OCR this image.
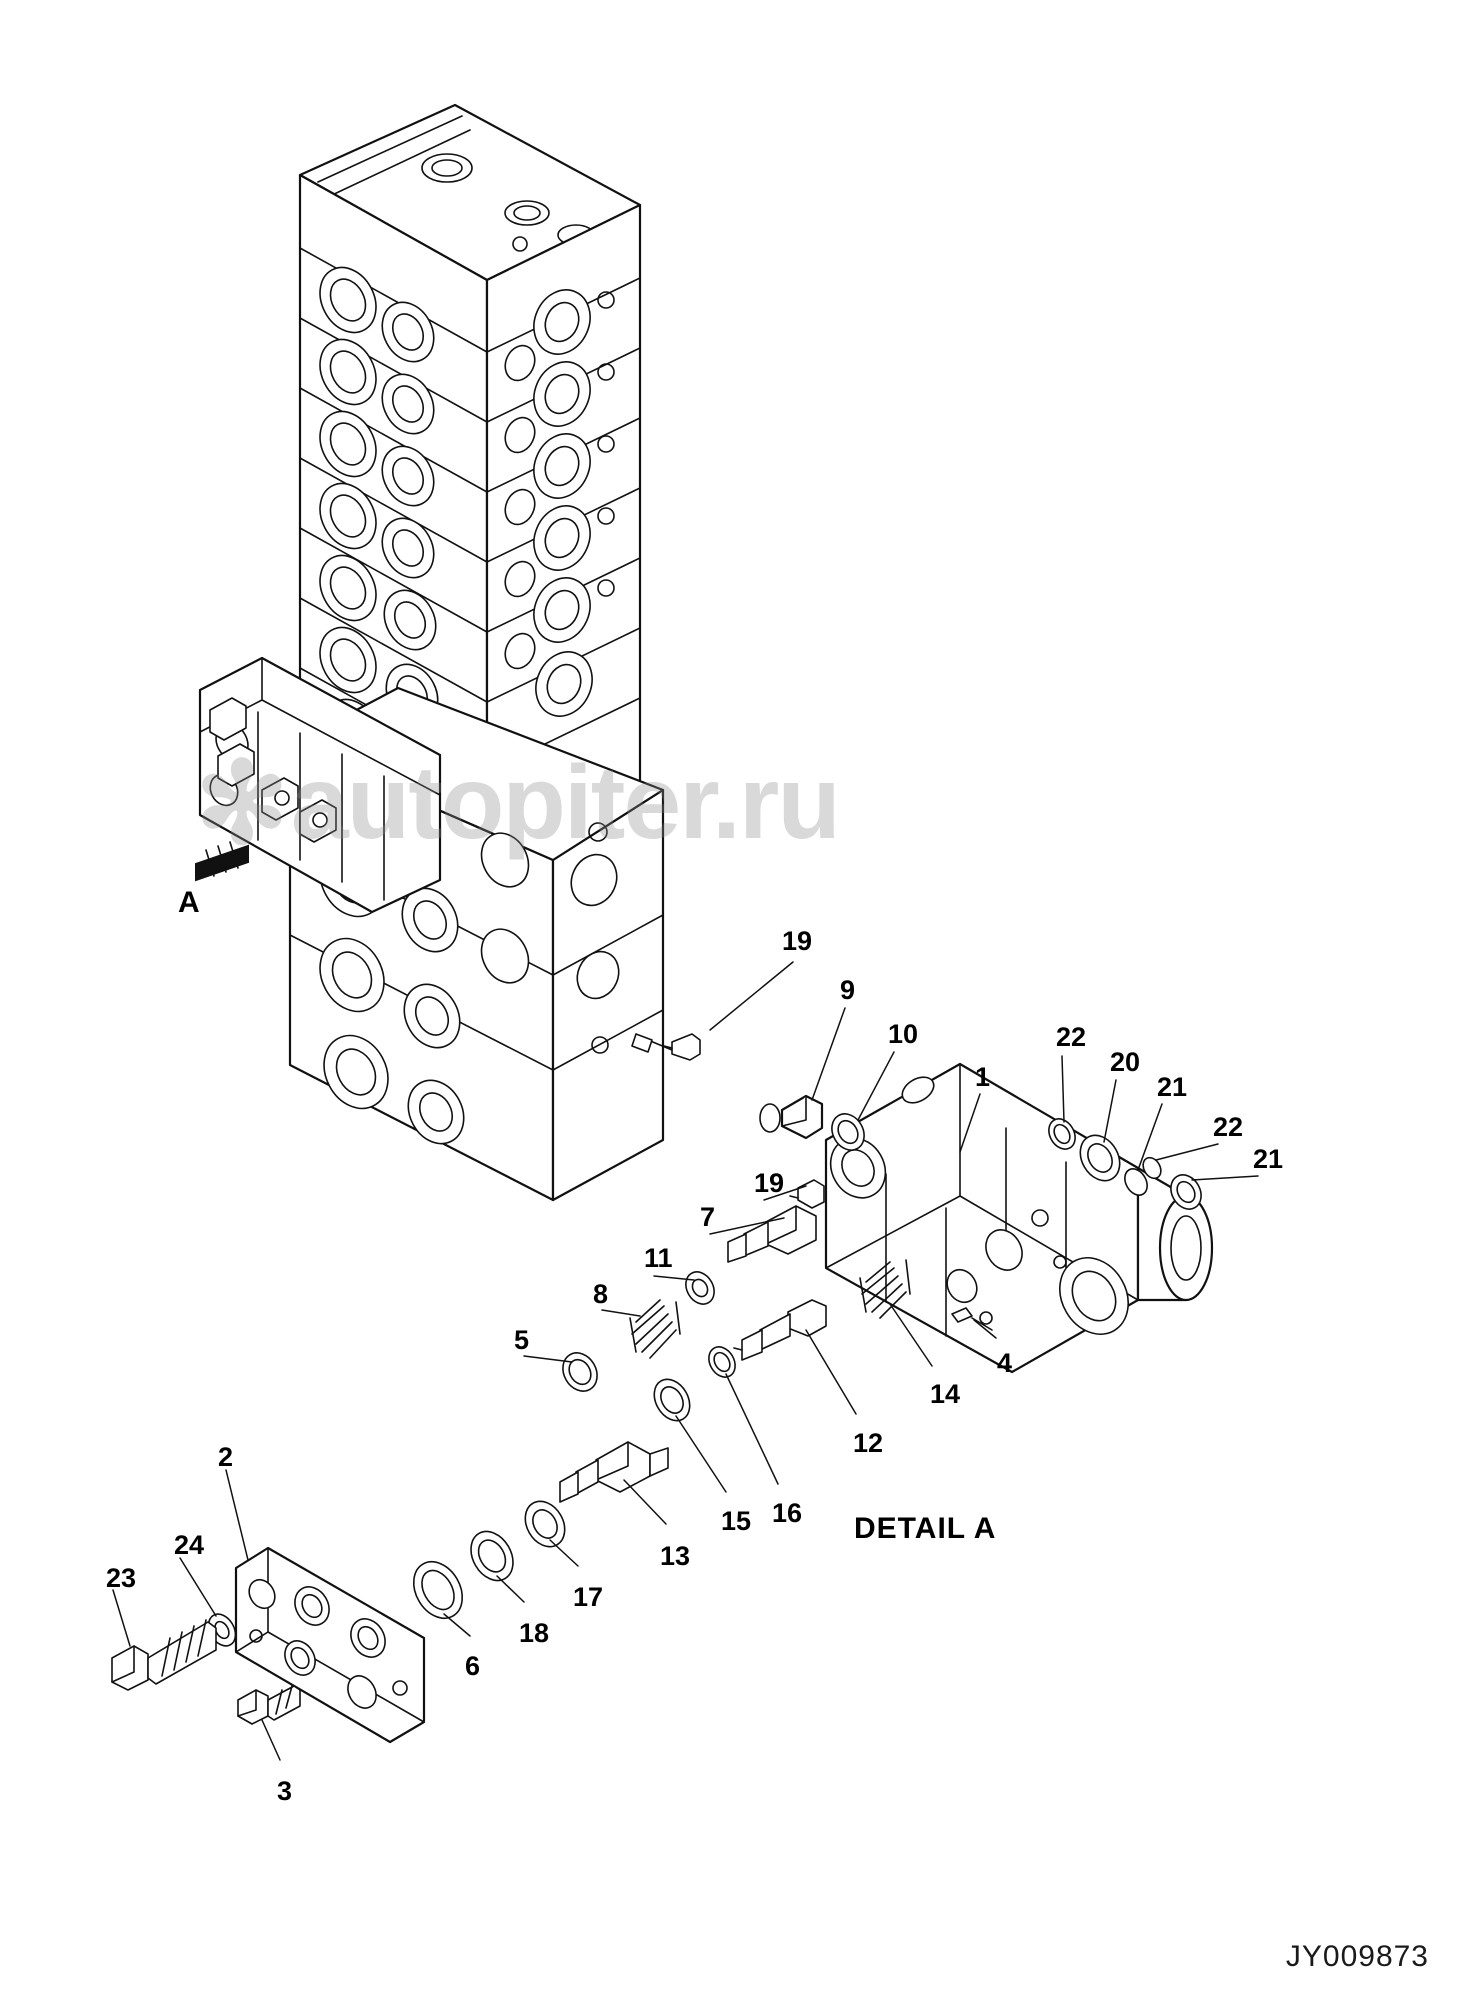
✻autopiter.ru
A
DETAIL A
19
9
10	22
20
1	21
22
21
19
7
11
8
5
4
14
12
16
15
2
13
24
17
23
18
6
3
JY009873
